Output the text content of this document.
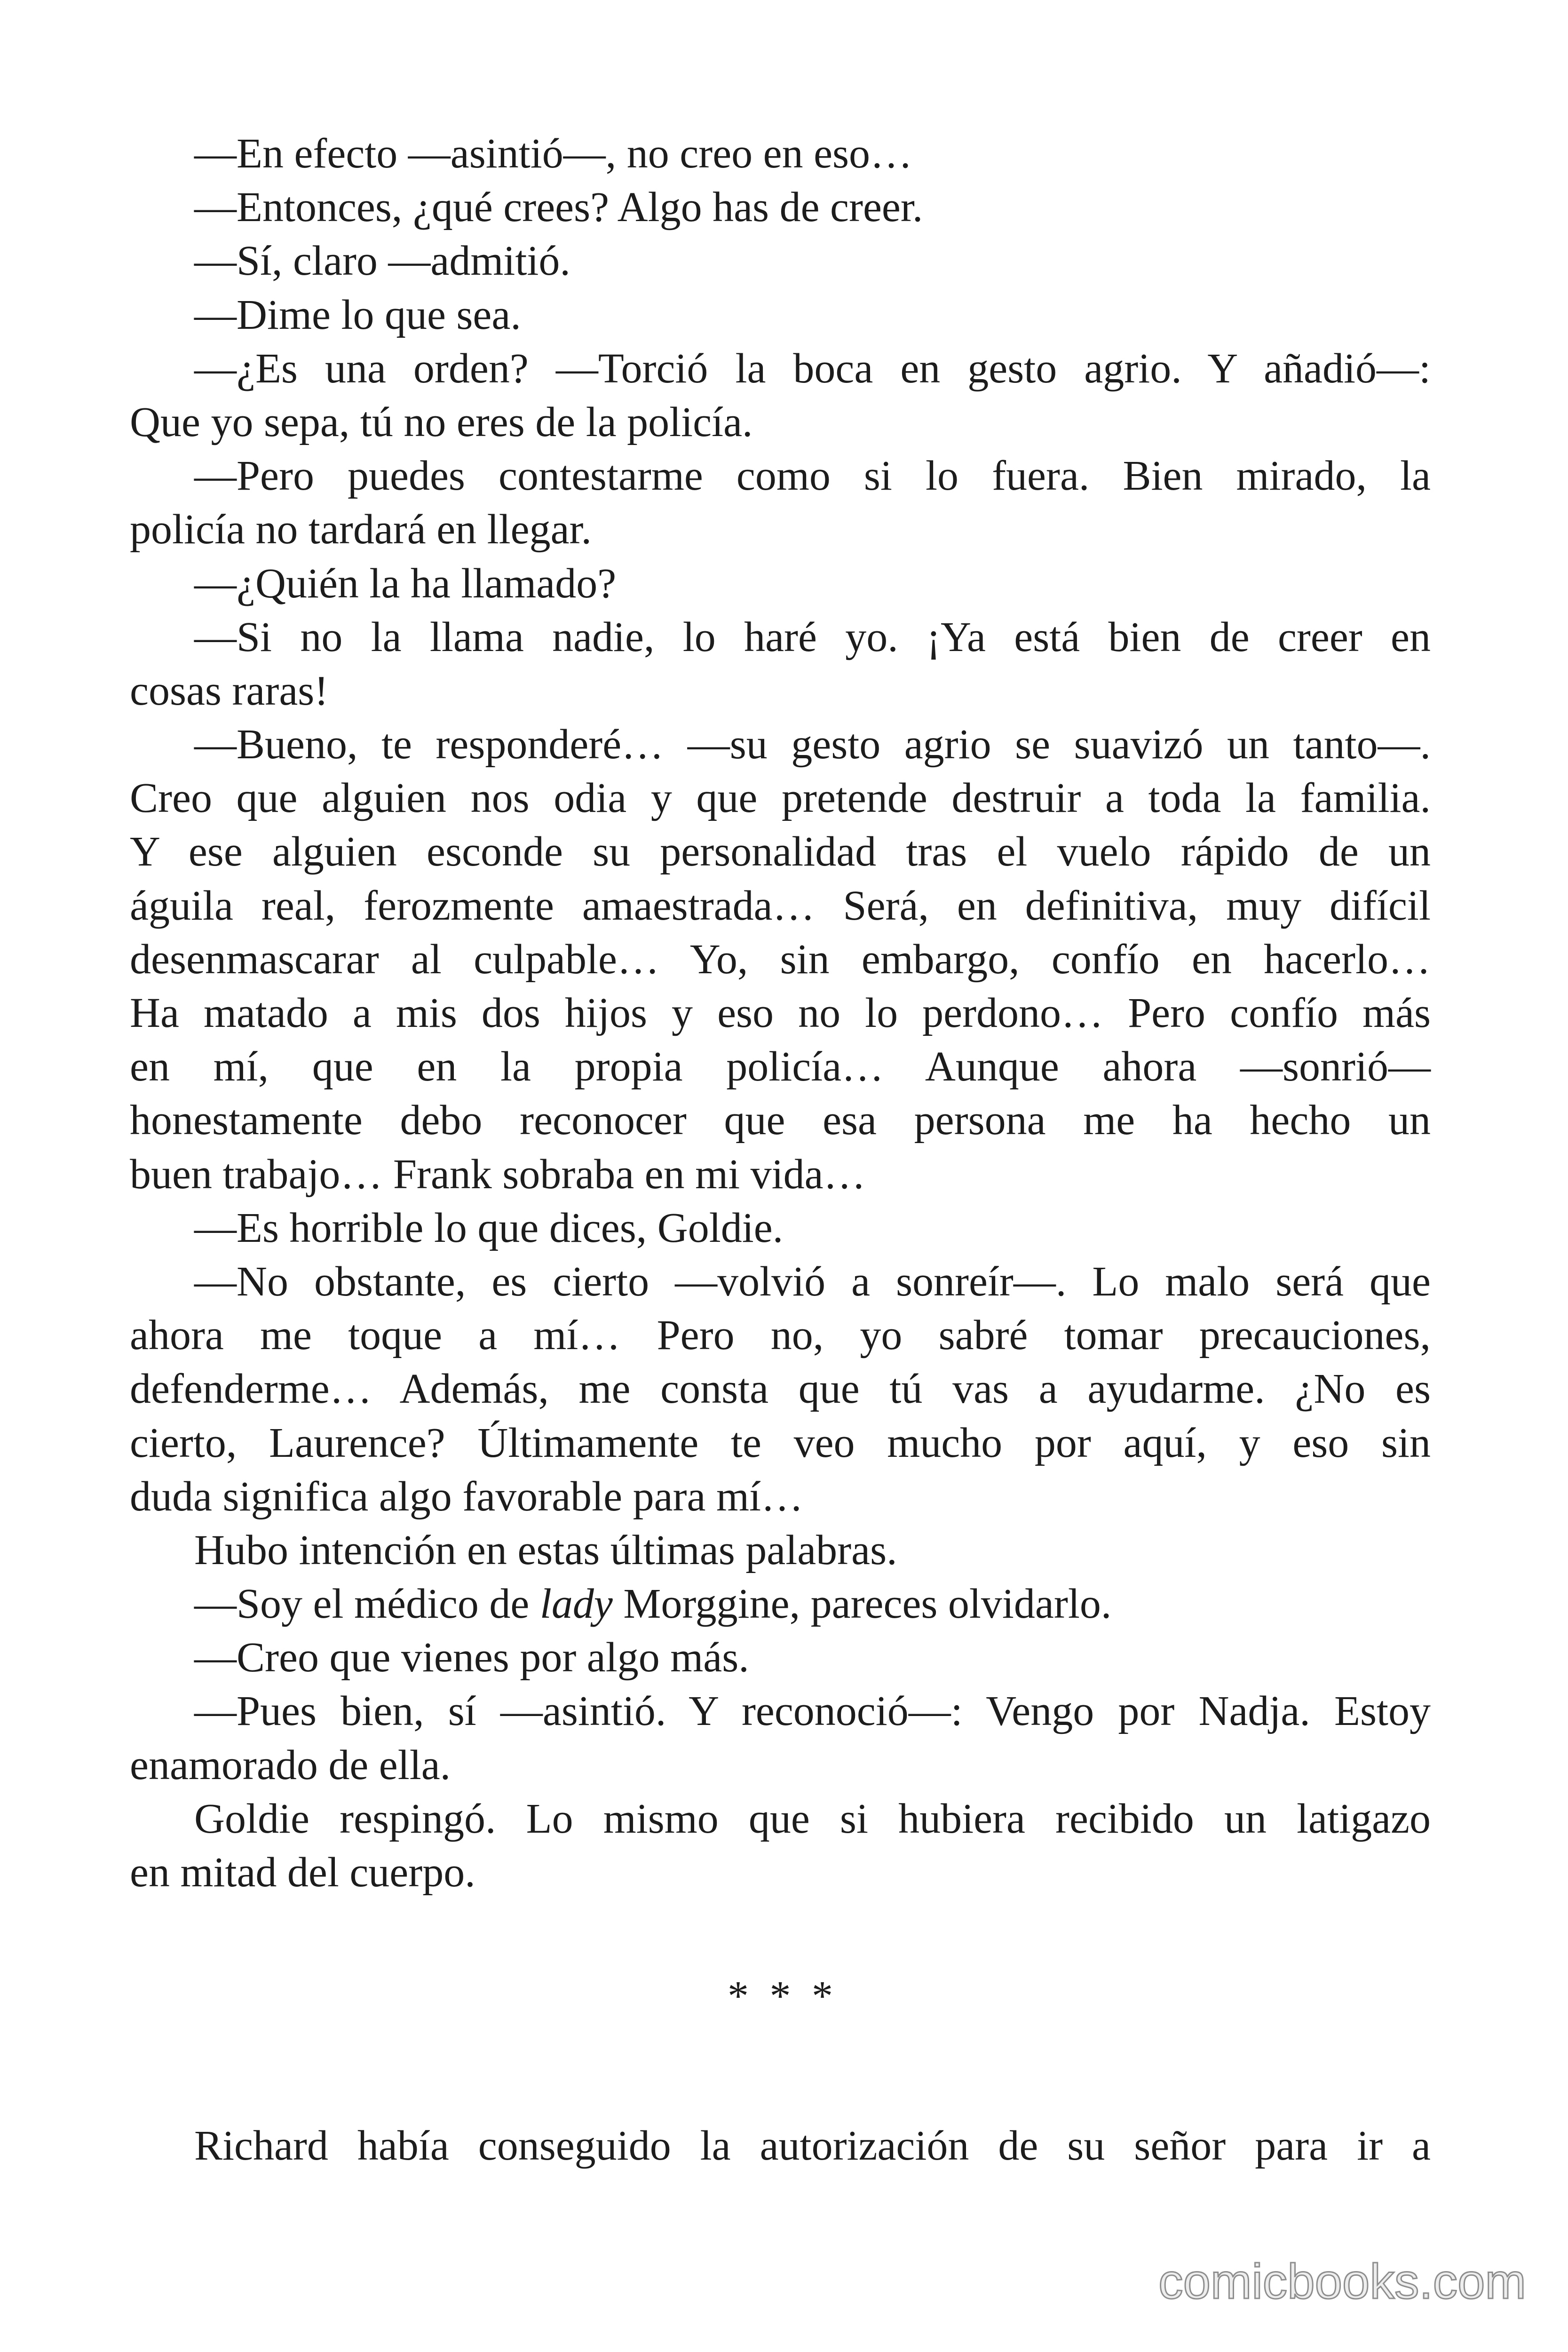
—En efecto —asintió—, no creo en eso…
—Entonces, ¿qué crees? Algo has de creer.
—Sí, claro —admitió.
—Dime lo que sea.
—¿Es una orden? —Torció la boca en gesto agrio. Y añadió—:
Que yo sepa, tú no eres de la policía.
—Pero puedes contestarme como si lo fuera. Bien mirado, la
policía no tardará en llegar.
—¿Quién la ha llamado?
—Si no la llama nadie, lo haré yo. ¡Ya está bien de creer en
cosas raras!
—Bueno, te responderé… —su gesto agrio se suavizó un tanto—.
Creo que alguien nos odia y que pretende destruir a toda la familia.
Y ese alguien esconde su personalidad tras el vuelo rápido de un
águila real, ferozmente amaestrada… Será, en definitiva, muy difícil
desenmascarar al culpable… Yo, sin embargo, confío en hacerlo…
Ha matado a mis dos hijos y eso no lo perdono… Pero confío más
en mí, que en la propia policía… Aunque ahora —sonrió—
honestamente debo reconocer que esa persona me ha hecho un
buen trabajo… Frank sobraba en mi vida…
—Es horrible lo que dices, Goldie.
—No obstante, es cierto —volvió a sonreír—. Lo malo será que
ahora me toque a mí… Pero no, yo sabré tomar precauciones,
defenderme… Además, me consta que tú vas a ayudarme. ¿No es
cierto, Laurence? Últimamente te veo mucho por aquí, y eso sin
duda significa algo favorable para mí…
Hubo intención en estas últimas palabras.
—Soy el médico de lady Morggine, pareces olvidarlo.
—Creo que vienes por algo más.
—Pues bien, sí —asintió. Y reconoció—: Vengo por Nadja. Estoy
enamorado de ella.
Goldie respingó. Lo mismo que si hubiera recibido un latigazo
en mitad del cuerpo.
* * *
Richard había conseguido la autorización de su señor para ir a
comicbooks.com
